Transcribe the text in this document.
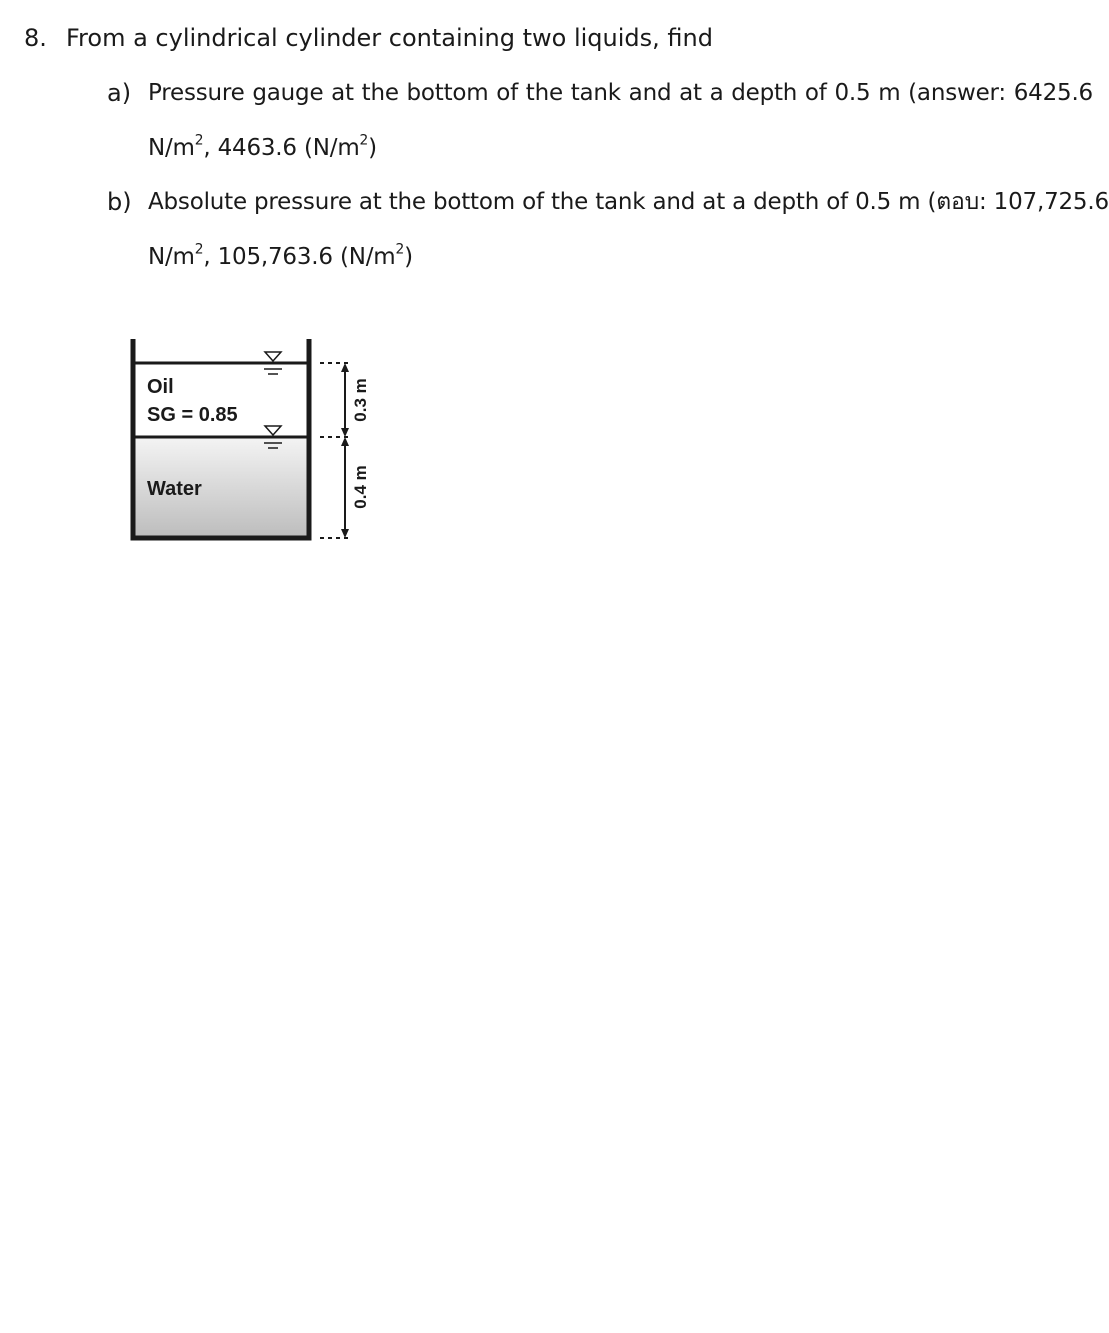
8. From a cylindrical cylinder containing two liquids, find
a) Pressure gauge at the bottom of the tank and at a depth of 0.5 m (answer: 6425.6
$N/m^2$, 4463.6 $(N/m^2)$
b) Absolute pressure at the bottom of the tank and at a depth of 0.5 m (ตอบ: 107,725.6
$N/m^2$, 105,763.6 $(N/m^2)$
Oil
SG = 0.85
Water
0.3 m
0.4 m
